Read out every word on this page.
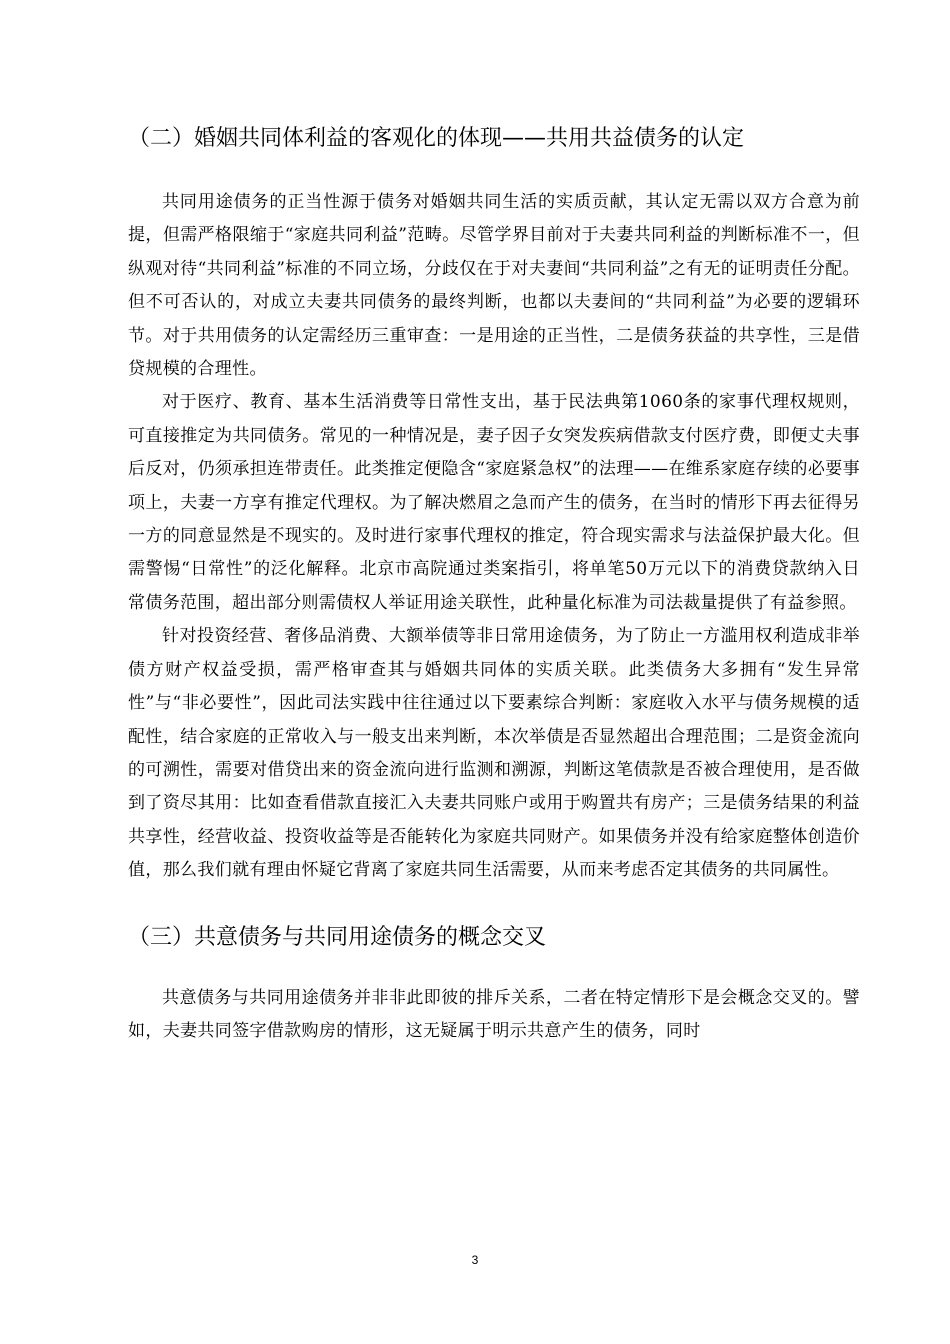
（二）婚姻共同体利益的客观化的体现——共用共益债务的认定

共同用途债务的正当性源于债务对婚姻共同生活的实质贡献，其认定无需以双方合意为前提，但需严格限缩于“家庭共同利益”范畴。尽管学界目前对于夫妻共同利益的判断标准不一，但纵观对待“共同利益”标准的不同立场，分歧仅在于对夫妻间“共同利益”之有无的证明责任分配。但不可否认的，对成立夫妻共同债务的最终判断，也都以夫妻间的“共同利益”为必要的逻辑环节。对于共用债务的认定需经历三重审查：一是用途的正当性，二是债务获益的共享性，三是借贷规模的合理性。

对于医疗、教育、基本生活消费等日常性支出，基于民法典第1060条的家事代理权规则，可直接推定为共同债务。常见的一种情况是，妻子因子女突发疾病借款支付医疗费，即便丈夫事后反对，仍须承担连带责任。此类推定便隐含“家庭紧急权”的法理——在维系家庭存续的必要事项上，夫妻一方享有推定代理权。为了解决燃眉之急而产生的债务，在当时的情形下再去征得另一方的同意显然是不现实的。及时进行家事代理权的推定，符合现实需求与法益保护最大化。但需警惕“日常性”的泛化解释。北京市高院通过类案指引，将单笔50万元以下的消费贷款纳入日常债务范围，超出部分则需债权人举证用途关联性，此种量化标准为司法裁量提供了有益参照。

针对投资经营、奢侈品消费、大额举债等非日常用途债务，为了防止一方滥用权利造成非举债方财产权益受损，需严格审查其与婚姻共同体的实质关联。此类债务大多拥有“发生异常性”与“非必要性”，因此司法实践中往往通过以下要素综合判断：家庭收入水平与债务规模的适配性，结合家庭的正常收入与一般支出来判断，本次举债是否显然超出合理范围；二是资金流向的可溯性，需要对借贷出来的资金流向进行监测和溯源，判断这笔债款是否被合理使用，是否做到了资尽其用：比如查看借款直接汇入夫妻共同账户或用于购置共有房产；三是债务结果的利益共享性，经营收益、投资收益等是否能转化为家庭共同财产。如果债务并没有给家庭整体创造价值，那么我们就有理由怀疑它背离了家庭共同生活需要，从而来考虑否定其债务的共同属性。

（三）共意债务与共同用途债务的概念交叉

共意债务与共同用途债务并非非此即彼的排斥关系，二者在特定情形下是会概念交叉的。譬如，夫妻共同签字借款购房的情形，这无疑属于明示共意产生的债务，同时

3
